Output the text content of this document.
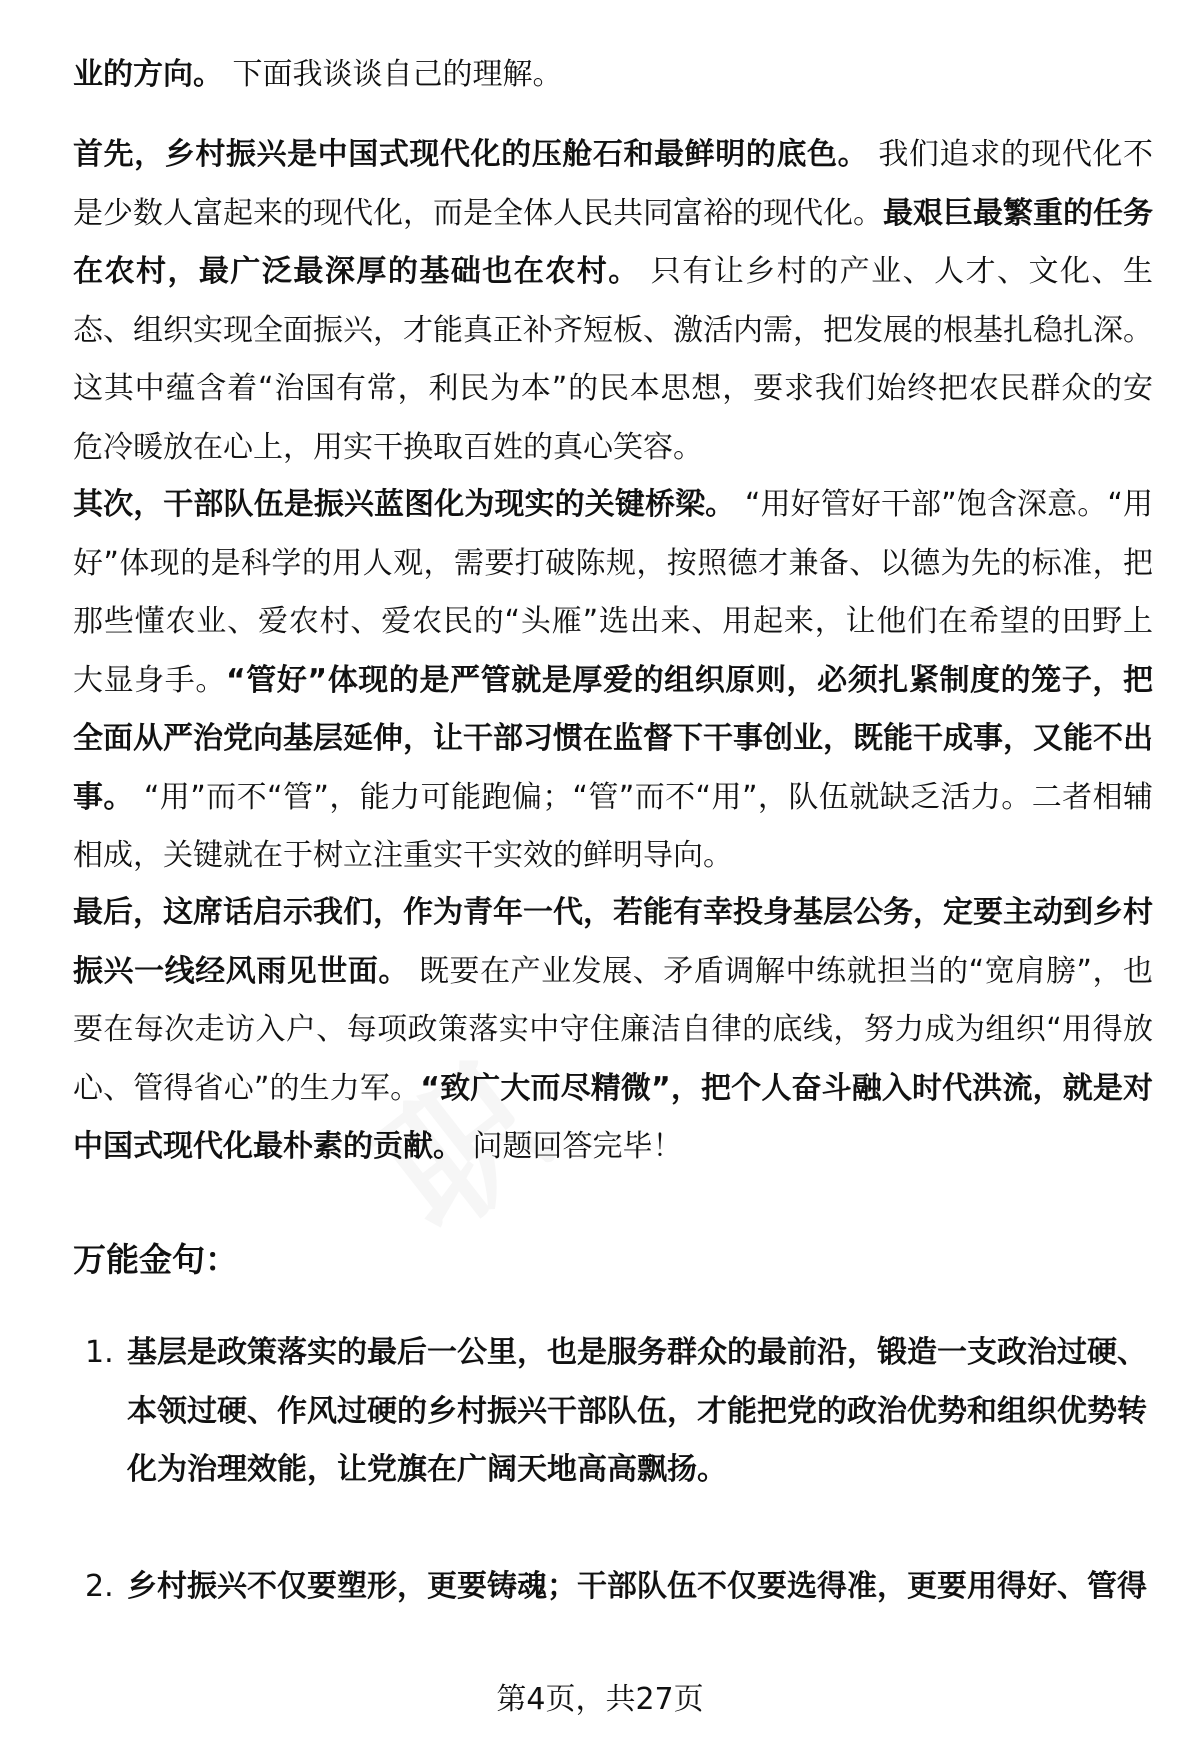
业的方向。 下面我谈谈自己的理解。

首先，乡村振兴是中国式现代化的压舱石和最鲜明的底色。 我们追求的现代化不是少数人富起来的现代化，而是全体人民共同富裕的现代化。最艰巨最繁重的任务在农村，最广泛最深厚的基础也在农村。 只有让乡村的产业、人才、文化、生态、组织实现全面振兴，才能真正补齐短板、激活内需，把发展的根基扎稳扎深。这其中蕴含着“治国有常，利民为本”的民本思想，要求我们始终把农民群众的安危冷暖放在心上，用实干换取百姓的真心笑容。

其次，干部队伍是振兴蓝图化为现实的关键桥梁。 “用好管好干部”饱含深意。“用好”体现的是科学的用人观，需要打破陈规，按照德才兼备、以德为先的标准，把那些懂农业、爱农村、爱农民的“头雁”选出来、用起来，让他们在希望的田野上大显身手。“管好”体现的是严管就是厚爱的组织原则，必须扎紧制度的笼子，把全面从严治党向基层延伸，让干部习惯在监督下干事创业，既能干成事，又能不出事。 “用”而不“管”，能力可能跑偏；“管”而不“用”，队伍就缺乏活力。二者相辅相成，关键就在于树立注重实干实效的鲜明导向。

最后，这席话启示我们，作为青年一代，若能有幸投身基层公务，定要主动到乡村振兴一线经风雨见世面。 既要在产业发展、矛盾调解中练就担当的“宽肩膀”，也要在每次走访入户、每项政策落实中守住廉洁自律的底线，努力成为组织“用得放心、管得省心”的生力军。“致广大而尽精微”，把个人奋斗融入时代洪流，就是对中国式现代化最朴素的贡献。 问题回答完毕！

万能金句：
1. 基层是政策落实的最后一公里，也是服务群众的最前沿，锻造一支政治过硬、本领过硬、作风过硬的乡村振兴干部队伍，才能把党的政治优势和组织优势转化为治理效能，让党旗在广阔天地高高飘扬。
2. 乡村振兴不仅要塑形，更要铸魂；干部队伍不仅要选得准，更要用得好、管得
第4页，共27页
